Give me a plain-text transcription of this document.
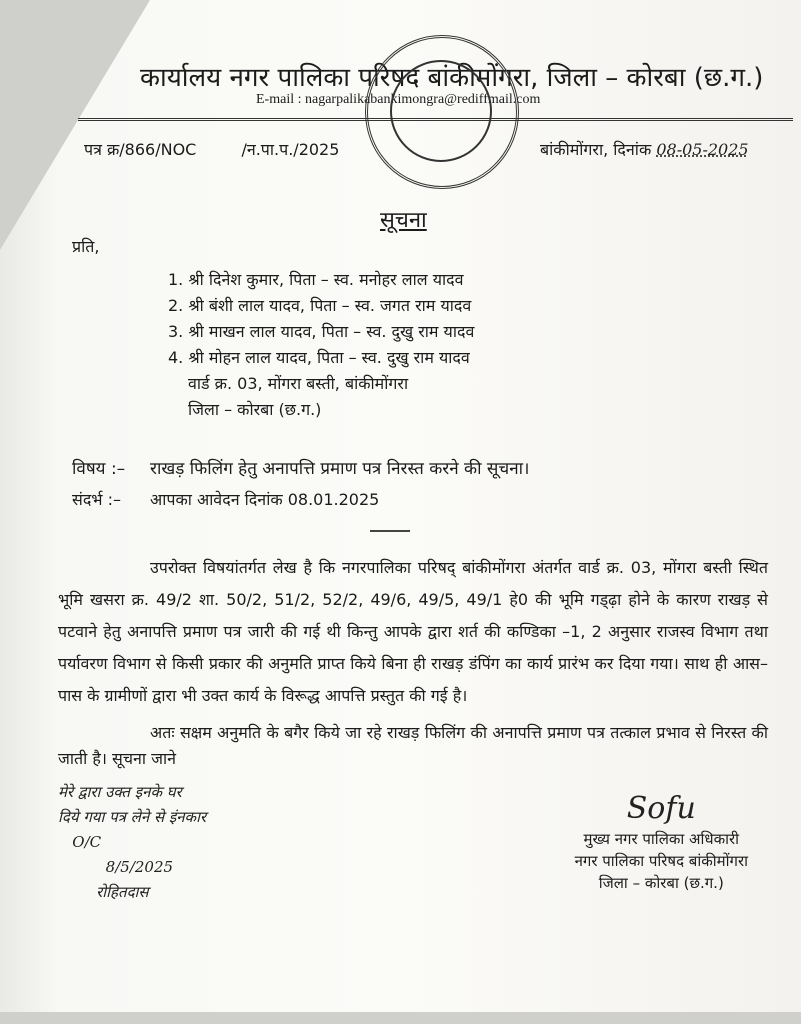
कार्यालय नगर पालिका परिषद बांकीमोंगरा, जिला – कोरबा (छ.ग.)
E-mail : nagarpalikabankimongra@rediffmail.com
पत्र क्र/866/NOC	/न.पा.प./2025	बांकीमोंगरा, दिनांक 08-05-2025
सूचना
प्रति,
1. श्री दिनेश कुमार, पिता – स्व. मनोहर लाल यादव
2. श्री बंशी लाल यादव, पिता – स्व. जगत राम यादव
3. श्री माखन लाल यादव, पिता – स्व. दुखु राम यादव
4. श्री मोहन लाल यादव, पिता – स्व. दुखु राम यादव
वार्ड क्र. 03, मोंगरा बस्ती, बांकीमोंगरा
जिला – कोरबा (छ.ग.)
विषय :– राखड़ फिलिंग हेतु अनापत्ति प्रमाण पत्र निरस्त करने की सूचना।
संदर्भ :– आपका आवेदन दिनांक 08.01.2025

उपरोक्त विषयांतर्गत लेख है कि नगरपालिका परिषद् बांकीमोंगरा अंतर्गत वार्ड क्र. 03, मोंगरा बस्ती स्थित भूमि खसरा क्र. 49/2 शा. 50/2, 51/2, 52/2, 49/6, 49/5, 49/1 हे0 की भूमि गड्ढ़ा होने के कारण राखड़ से पटवाने हेतु अनापत्ति प्रमाण पत्र जारी की गई थी किन्तु आपके द्वारा शर्त की कण्डिका –1, 2 अनुसार राजस्व विभाग तथा पर्यावरण विभाग से किसी प्रकार की अनुमति प्राप्त किये बिना ही राखड़ डंपिंग का कार्य प्रारंभ कर दिया गया। साथ ही आस–पास के ग्रामीणों द्वारा भी उक्त कार्य के विरूद्ध आपत्ति प्रस्तुत की गई है।

अतः सक्षम अनुमति के बगैर किये जा रहे राखड़ फिलिंग की अनापत्ति प्रमाण पत्र तत्काल प्रभाव से निरस्त की जाती है। सूचना जाने

मेरे द्वारा उक्त इनके घर
दिये गया पत्र लेने से इंनकार
O/C
8/5/2025
रोहितदास
Sofu
मुख्य नगर पालिका अधिकारी
नगर पालिका परिषद बांकीमोंगरा
जिला – कोरबा (छ.ग.)
